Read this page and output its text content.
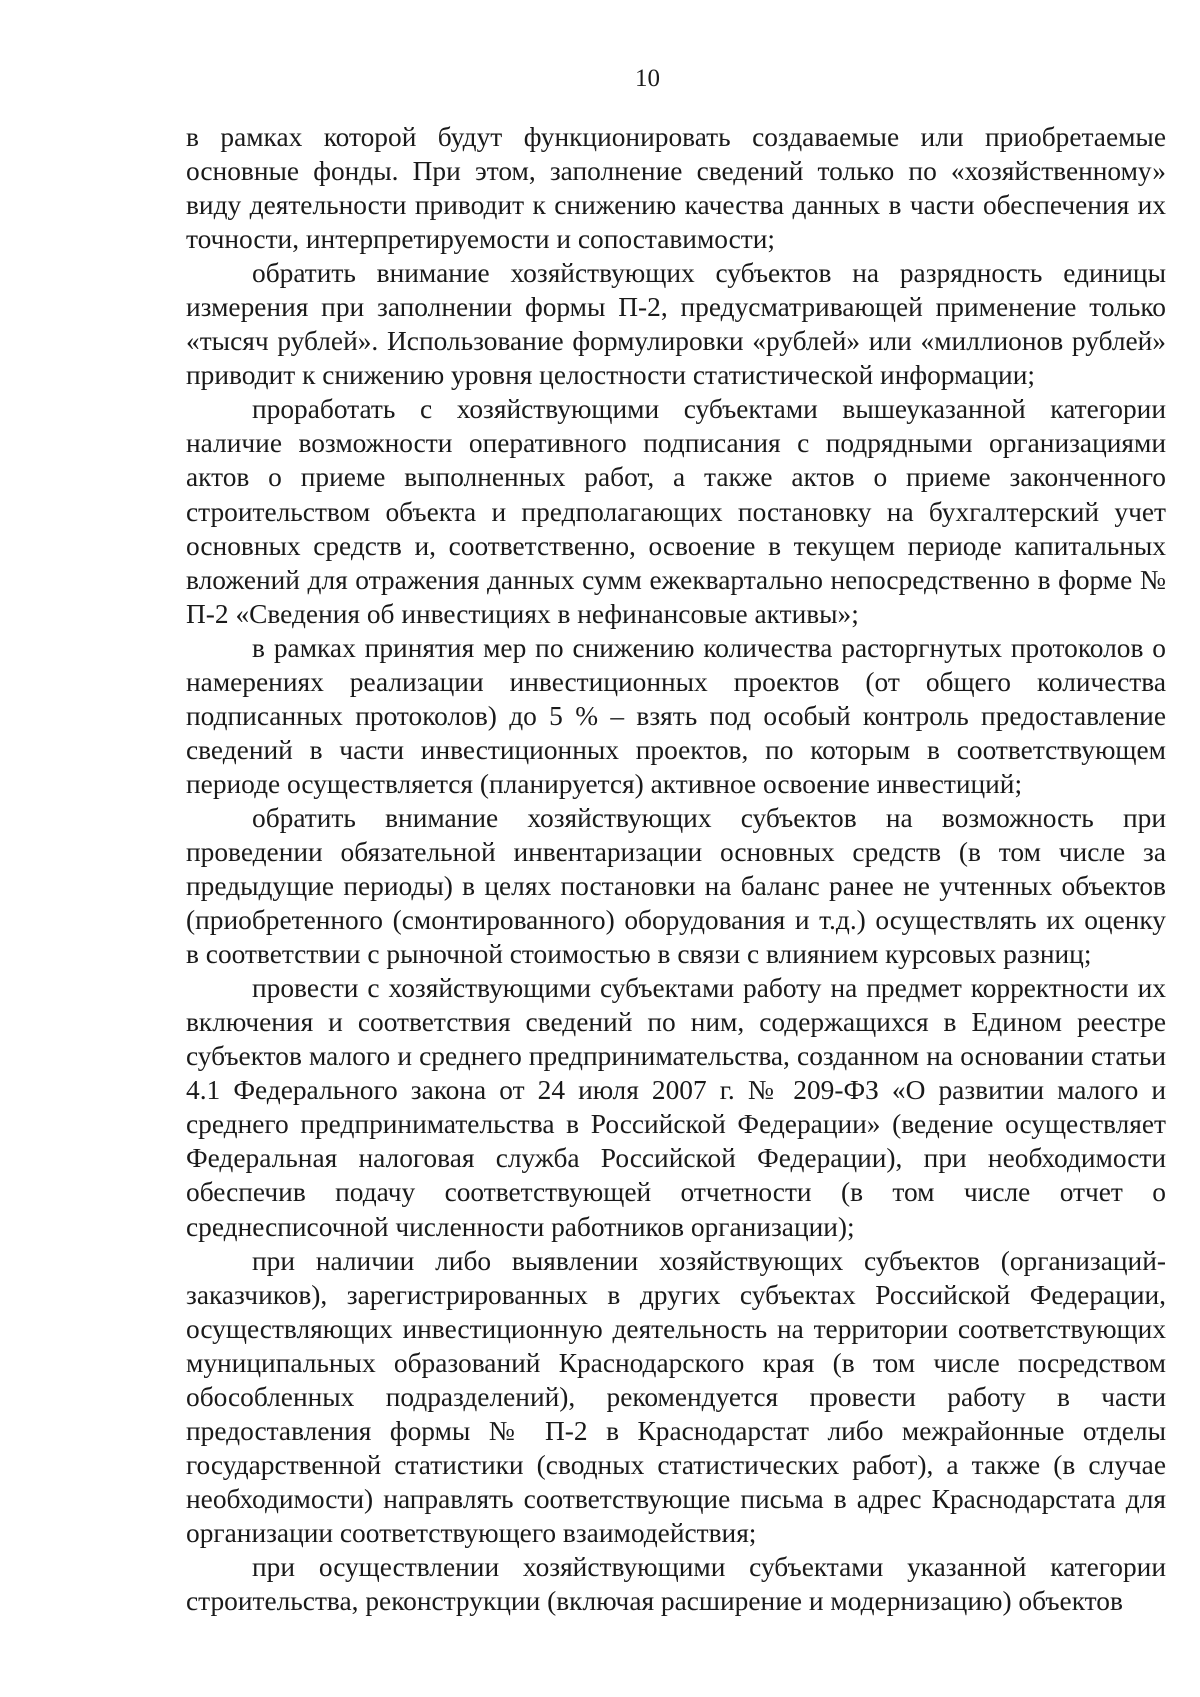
10

в рамках которой будут функционировать создаваемые или приобретаемые основные фонды. При этом, заполнение сведений только по «хозяйственному» виду деятельности приводит к снижению качества данных в части обеспечения их точности, интерпретируемости и сопоставимости;

обратить внимание хозяйствующих субъектов на разрядность единицы измерения при заполнении формы П-2, предусматривающей применение только «тысяч рублей». Использование формулировки «рублей» или «миллионов рублей» приводит к снижению уровня целостности статистической информации;

проработать с хозяйствующими субъектами вышеуказанной категории наличие возможности оперативного подписания с подрядными организациями актов о приеме выполненных работ, а также актов о приеме законченного строительством объекта и предполагающих постановку на бухгалтерский учет основных средств и, соответственно, освоение в текущем периоде капитальных вложений для отражения данных сумм ежеквартально непосредственно в форме № П-2 «Сведения об инвестициях в нефинансовые активы»;

в рамках принятия мер по снижению количества расторгнутых протоколов о намерениях реализации инвестиционных проектов (от общего количества подписанных протоколов) до 5 % – взять под особый контроль предоставление сведений в части инвестиционных проектов, по которым в соответствующем периоде осуществляется (планируется) активное освоение инвестиций;

обратить внимание хозяйствующих субъектов на возможность при проведении обязательной инвентаризации основных средств (в том числе за предыдущие периоды) в целях постановки на баланс ранее не учтенных объектов (приобретенного (смонтированного) оборудования и т.д.) осуществлять их оценку в соответствии с рыночной стоимостью в связи с влиянием курсовых разниц;

провести с хозяйствующими субъектами работу на предмет корректности их включения и соответствия сведений по ним, содержащихся в Едином реестре субъектов малого и среднего предпринимательства, созданном на основании статьи 4.1 Федерального закона от 24 июля 2007 г. № 209-ФЗ «О развитии малого и среднего предпринимательства в Российской Федерации» (ведение осуществляет Федеральная налоговая служба Российской Федерации), при необходимости обеспечив подачу соответствующей отчетности (в том числе отчет о среднесписочной численности работников организации);

при наличии либо выявлении хозяйствующих субъектов (организаций-заказчиков), зарегистрированных в других субъектах Российской Федерации, осуществляющих инвестиционную деятельность на территории соответствующих муниципальных образований Краснодарского края (в том числе посредством обособленных подразделений), рекомендуется провести работу в части предоставления формы № П-2 в Краснодарстат либо межрайонные отделы государственной статистики (сводных статистических работ), а также (в случае необходимости) направлять соответствующие письма в адрес Краснодарстата для организации соответствующего взаимодействия;

при осуществлении хозяйствующими субъектами указанной категории строительства, реконструкции (включая расширение и модернизацию) объектов
